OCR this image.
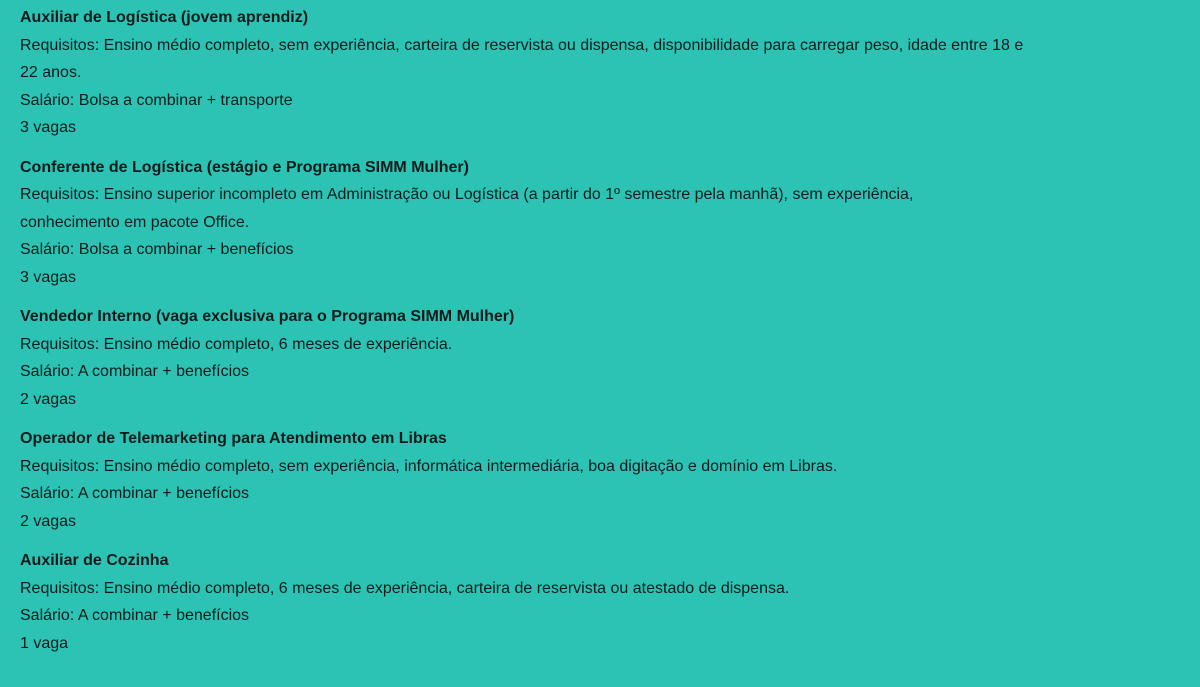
Auxiliar de Logística (jovem aprendiz)

Requisitos: Ensino médio completo, sem experiência, carteira de reservista ou dispensa, disponibilidade para carregar peso, idade entre 18 e 22 anos.

Salário: Bolsa a combinar + transporte

3 vagas

Conferente de Logística (estágio e Programa SIMM Mulher)

Requisitos: Ensino superior incompleto em Administração ou Logística (a partir do 1º semestre pela manhã), sem experiência, conhecimento em pacote Office.

Salário: Bolsa a combinar + benefícios

3 vagas

Vendedor Interno (vaga exclusiva para o Programa SIMM Mulher)

Requisitos: Ensino médio completo, 6 meses de experiência.

Salário: A combinar + benefícios

2 vagas

Operador de Telemarketing para Atendimento em Libras

Requisitos: Ensino médio completo, sem experiência, informática intermediária, boa digitação e domínio em Libras.

Salário: A combinar + benefícios

2 vagas

Auxiliar de Cozinha

Requisitos: Ensino médio completo, 6 meses de experiência, carteira de reservista ou atestado de dispensa.

Salário: A combinar + benefícios

1 vaga
